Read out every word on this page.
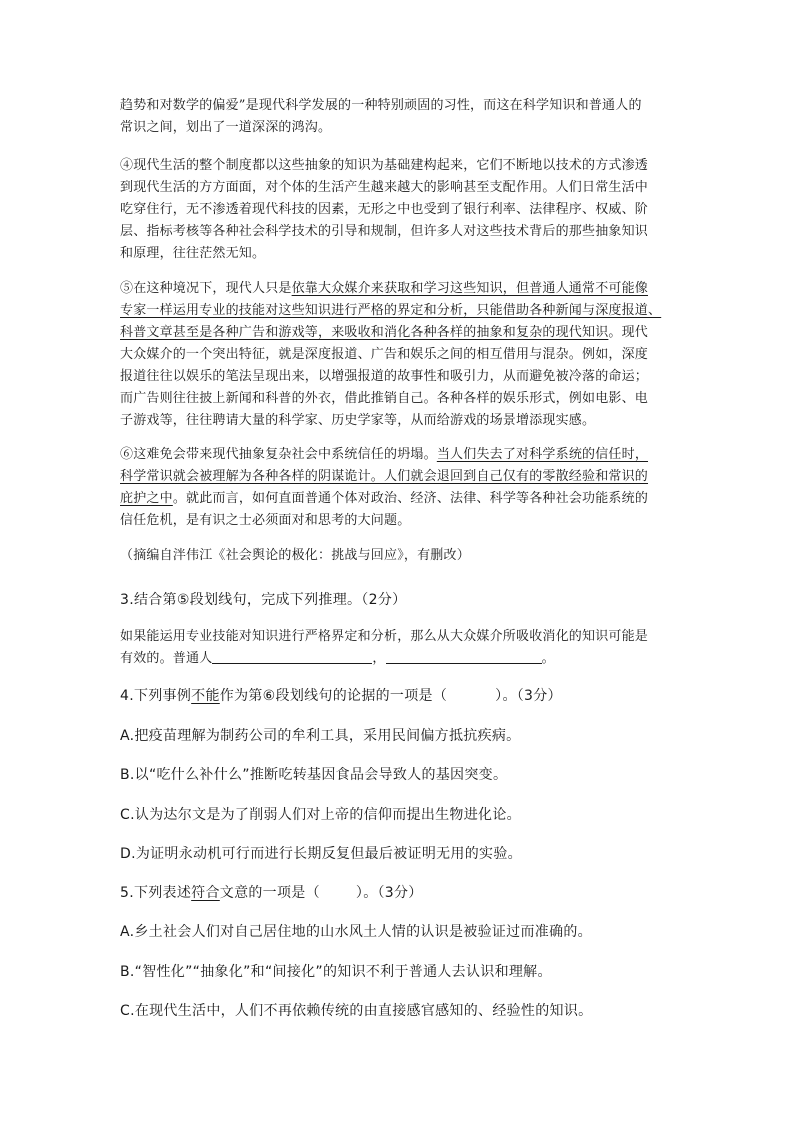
趋势和对数学的偏爱”是现代科学发展的一种特别顽固的习性，而这在科学知识和普通人的
常识之间，划出了一道深深的鸿沟。
④现代生活的整个制度都以这些抽象的知识为基础建构起来，它们不断地以技术的方式渗透
到现代生活的方方面面，对个体的生活产生越来越大的影响甚至支配作用。人们日常生活中
吃穿住行，无不渗透着现代科技的因素，无形之中也受到了银行利率、法律程序、权威、阶
层、指标考核等各种社会科学技术的引导和规制，但许多人对这些技术背后的那些抽象知识
和原理，往往茫然无知。
⑤在这种境况下，现代人只是依靠大众媒介来获取和学习这些知识，但普通人通常不可能像
专家一样运用专业的技能对这些知识进行严格的界定和分析，只能借助各种新闻与深度报道、
科普文章甚至是各种广告和游戏等，来吸收和消化各种各样的抽象和复杂的现代知识。现代
大众媒介的一个突出特征，就是深度报道、广告和娱乐之间的相互借用与混杂。例如，深度
报道往往以娱乐的笔法呈现出来，以增强报道的故事性和吸引力，从而避免被冷落的命运；
而广告则往往披上新闻和科普的外衣，借此推销自己。各种各样的娱乐形式，例如电影、电
子游戏等，往往聘请大量的科学家、历史学家等，从而给游戏的场景增添现实感。
⑥这难免会带来现代抽象复杂社会中系统信任的坍塌。当人们失去了对科学系统的信任时，
科学常识就会被理解为各种各样的阴谋诡计。人们就会退回到自己仅有的零散经验和常识的
庇护之中。就此而言，如何直面普通个体对政治、经济、法律、科学等各种社会功能系统的
信任危机，是有识之士必须面对和思考的大问题。
（摘编自泮伟江《社会舆论的极化：挑战与回应》，有删改）
3.结合第⑤段划线句，完成下列推理。（2分）
如果能运用专业技能对知识进行严格界定和分析，那么从大众媒介所吸收消化的知识可能是
有效的。普通人	，	。
4.下列事例不能作为第⑥段划线句的论据的一项是（	）。（3分）
A.把疫苗理解为制药公司的牟利工具，采用民间偏方抵抗疾病。
B.以“吃什么补什么”推断吃转基因食品会导致人的基因突变。
C.认为达尔文是为了削弱人们对上帝的信仰而提出生物进化论。
D.为证明永动机可行而进行长期反复但最后被证明无用的实验。
5.下列表述符合文意的一项是（	）。（3分）
A.乡土社会人们对自己居住地的山水风土人情的认识是被验证过而准确的。
B.“智性化”“抽象化”和“间接化”的知识不利于普通人去认识和理解。
C.在现代生活中，人们不再依赖传统的由直接感官感知的、经验性的知识。
